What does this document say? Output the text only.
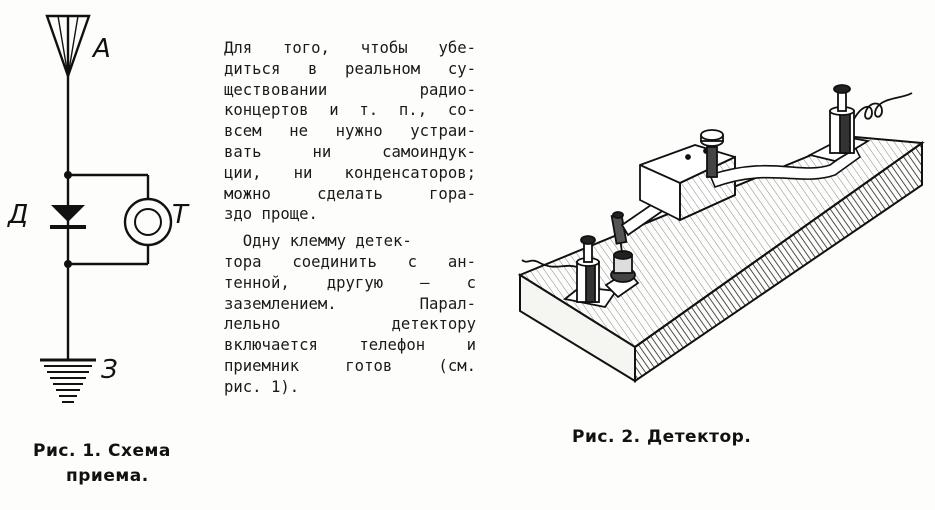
А
Д	Т
З
Рис. 1. Схема
приема.
Для того, чтобы убе-
диться в реальном су-
ществовании радио-
концертов и т. п., со-
всем не нужно устраи-
вать ни самоиндук-
ции, ни конденсаторов;
можно сделать гора-
здо проще.
Одну клемму детек-
тора соединить с ан-
тенной, другую — с
заземлением. Парал-
лельно детектору
включается телефон и
приемник готов (см.
рис. 1).
Рис. 2. Детектор.
